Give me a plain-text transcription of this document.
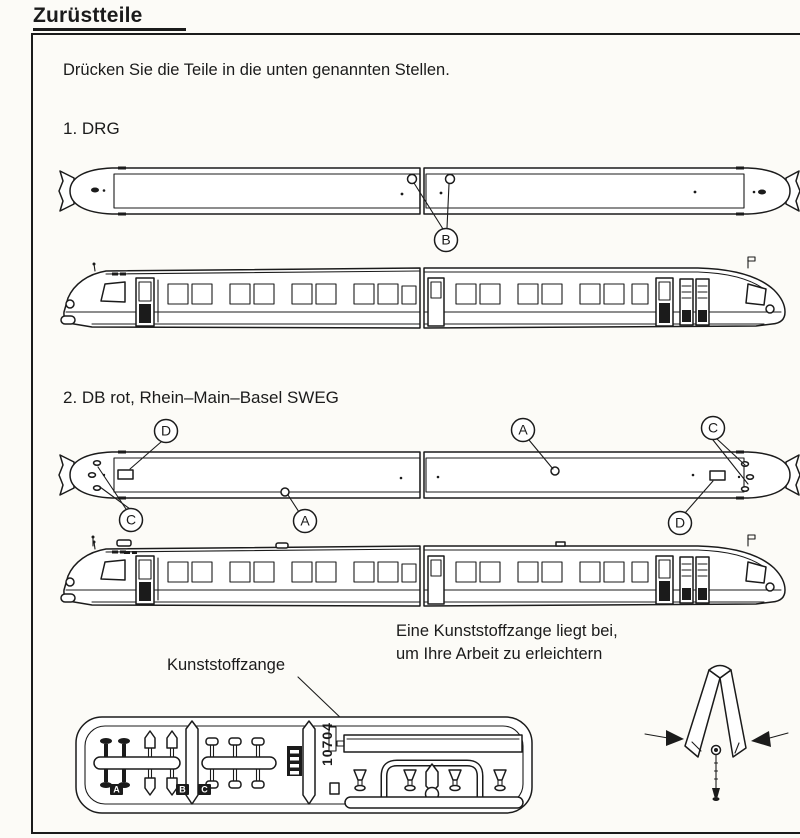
Zurüstteile
Drücken Sie die Teile in die unten genannten Stellen.
1. DRG
2. DB rot, Rhein–Main–Basel SWEG
Eine Kunststoffzange liegt bei,
um Ihre Arbeit zu erleichtern
Kunststoffzange
B
D
C	A
A	C
D
A	B C
10704
